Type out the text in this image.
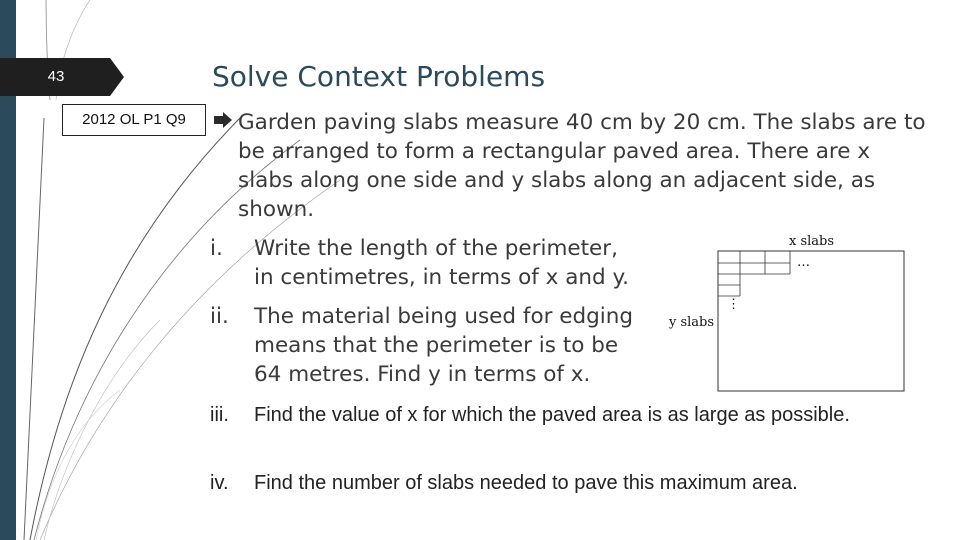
43	Solve Context Problems
2012 OL P1 Q9	Garden paving slabs measure 40 cm by 20 cm. The slabs are to be arranged to form a rectangular paved area. There are x slabs along one side and y slabs along an adjacent side, as shown.
i. Write the length of the perimeter,
in centimetres, in terms of x and y.
ii. The material being used for edging
means that the perimeter is to be
64 metres. Find y in terms of x.
x slabs
y slabs
…
⋮
iii. Find the value of x for which the paved area is as large as possible.
iv. Find the number of slabs needed to pave this maximum area.
